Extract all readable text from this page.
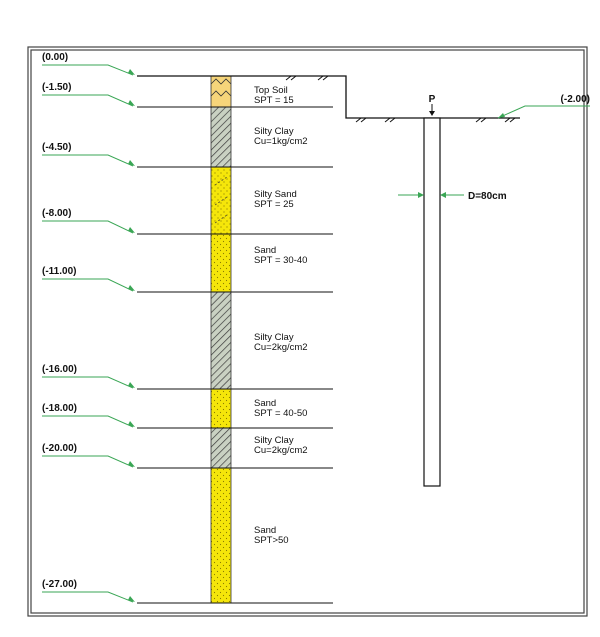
(0.00)
(-1.50)
(-4.50)
(-8.00)
(-11.00)
(-16.00)
(-18.00)
(-20.00)
(-27.00)
Top Soil
SPT = 15
Silty Clay
Cu=1kg/cm2
Silty Sand
SPT = 25
Sand
SPT = 30-40
Silty Clay
Cu=2kg/cm2
Sand
SPT = 40-50
Silty Clay
Cu=2kg/cm2
Sand
SPT>50
P	(-2.00)
D=80cm
